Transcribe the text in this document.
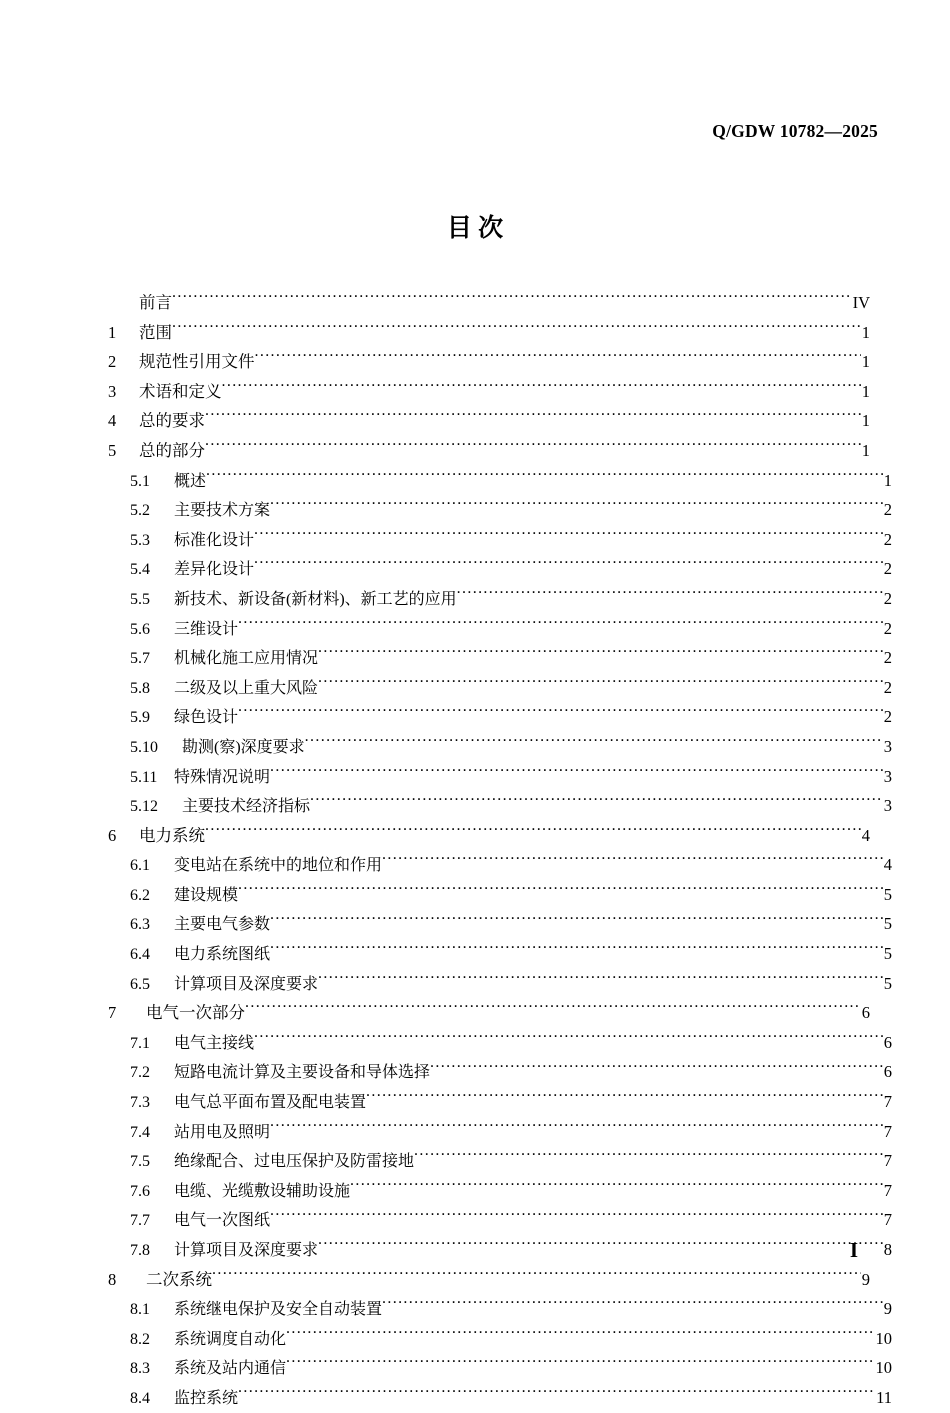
Q/GDW 10782—2025
目 次
前言 .....	IV
1	范围 .....	1
2	规范性引用文件 .....	1
3	术语和定义 .....	1
4	总的要求 .....	1
5	总的部分 .....	1
5.1	概述 .....	1
5.2	主要技术方案 .....	2
5.3	标准化设计 .....	2
5.4	差异化设计 .....	2
5.5	新技术、新设备(新材料)、新工艺的应用 .....	2
5.6	三维设计 .....	2
5.7	机械化施工应用情况 .....	2
5.8	二级及以上重大风险 .....	2
5.9	绿色设计 .....	2
5.10	勘测(察)深度要求 .....	3
5.11	特殊情况说明 .....	3
5.12	主要技术经济指标 .....	3
6	电力系统 .....	4
6.1	变电站在系统中的地位和作用 .....	4
6.2	建设规模 .....	5
6.3	主要电气参数 .....	5
6.4	电力系统图纸 .....	5
6.5	计算项目及深度要求 .....	5
7	电气一次部分 .....	6
7.1	电气主接线 .....	6
7.2	短路电流计算及主要设备和导体选择 .....	6
7.3	电气总平面布置及配电装置 .....	7
7.4	站用电及照明 .....	7
7.5	绝缘配合、过电压保护及防雷接地 .....	7
7.6	电缆、光缆敷设辅助设施 .....	7
7.7	电气一次图纸 .....	7
7.8	计算项目及深度要求 .....	8
8	二次系统 .....	9
8.1	系统继电保护及安全自动装置 .....	9
8.2	系统调度自动化 .....	10
8.3	系统及站内通信 .....	10
8.4	监控系统 .....	11
I
